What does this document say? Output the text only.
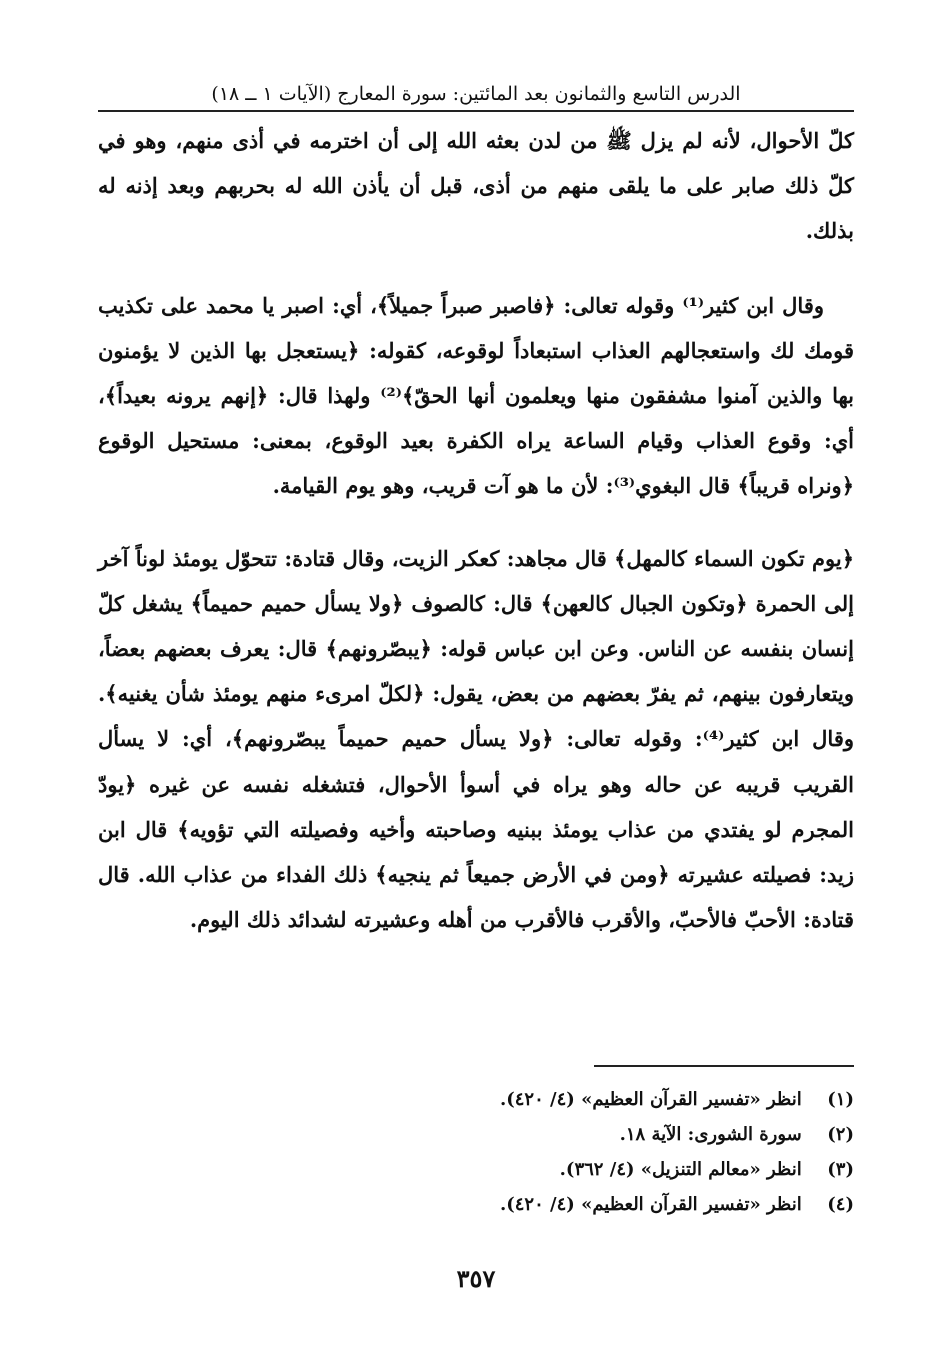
الدرس التاسع والثمانون بعد المائتين: سورة المعارج (الآيات ١ ــ ١٨)

كلّ الأحوال، لأنه لم يزل ﷺ من لدن بعثه الله إلى أن اخترمه في أذى منهم، وهو في كلّ ذلك صابر على ما يلقى منهم من أذى، قبل أن يأذن الله له بحربهم وبعد إذنه له بذلك.

وقال ابن كثير⁽¹⁾ وقوله تعالى: ﴿فاصبر صبراً جميلاً﴾، أي: اصبر يا محمد على تكذيب قومك لك واستعجالهم العذاب استبعاداً لوقوعه، كقوله: ﴿يستعجل بها الذين لا يؤمنون بها والذين آمنوا مشفقون منها ويعلمون أنها الحقّ﴾⁽²⁾ ولهذا قال: ﴿إنهم يرونه بعيداً﴾، أي: وقوع العذاب وقيام الساعة يراه الكفرة بعيد الوقوع، بمعنى: مستحيل الوقوع ﴿ونراه قريباً﴾ قال البغوي⁽³⁾: لأن ما هو آت قريب، وهو يوم القيامة.

﴿يوم تكون السماء كالمهل﴾ قال مجاهد: كعكر الزيت، وقال قتادة: تتحوّل يومئذ لوناً آخر إلى الحمرة ﴿وتكون الجبال كالعهن﴾ قال: كالصوف ﴿ولا يسأل حميم حميماً﴾ يشغل كلّ إنسان بنفسه عن الناس. وعن ابن عباس قوله: ﴿يبصّرونهم﴾ قال: يعرف بعضهم بعضاً، ويتعارفون بينهم، ثم يفرّ بعضهم من بعض، يقول: ﴿لكلّ امرىء منهم يومئذ شأن يغنيه﴾. وقال ابن كثير⁽⁴⁾: وقوله تعالى: ﴿ولا يسأل حميم حميماً يبصّرونهم﴾، أي: لا يسأل القريب قريبه عن حاله وهو يراه في أسوأ الأحوال، فتشغله نفسه عن غيره ﴿يودّ المجرم لو يفتدي من عذاب يومئذ ببنيه وصاحبته وأخيه وفصيلته التي تؤويه﴾ قال ابن زيد: فصيلته عشيرته ﴿ومن في الأرض جميعاً ثم ينجيه﴾ ذلك الفداء من عذاب الله. قال قتادة: الأحبّ فالأحبّ، والأقرب فالأقرب من أهله وعشيرته لشدائد ذلك اليوم.

(١) انظر «تفسير القرآن العظيم» (٤/ ٤٢٠).
(٢) سورة الشورى: الآية ١٨.
(٣) انظر «معالم التنزيل» (٤/ ٣٦٢).
(٤) انظر «تفسير القرآن العظيم» (٤/ ٤٢٠).
٣٥٧
